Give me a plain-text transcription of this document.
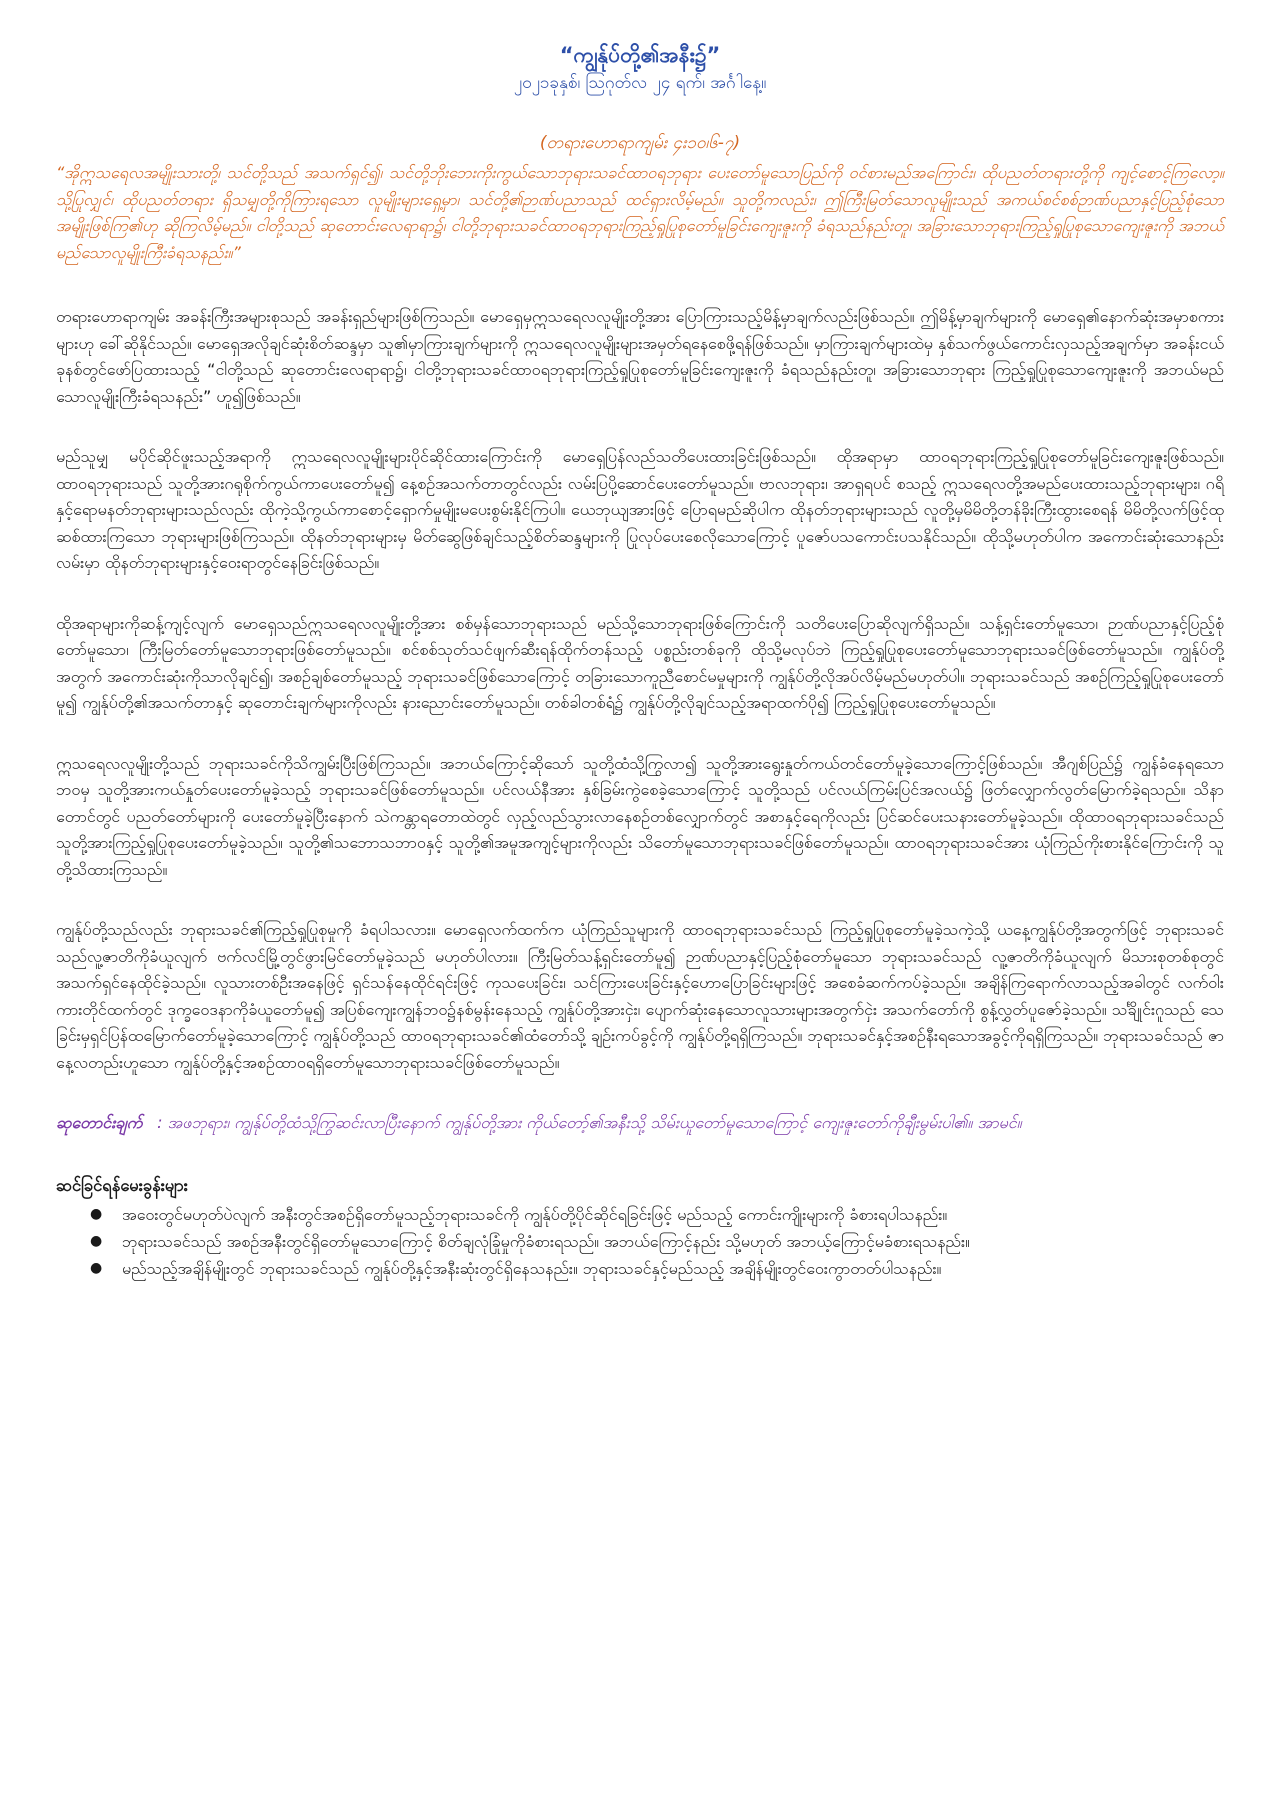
“ကျွန်ုပ်တို့၏အနီး၌”

၂၀၂၁ခုနှစ်၊ ဩဂုတ်လ ၂၄ ရက်၊ အင်္ဂါနေ့။

(တရားဟောရာကျမ်း ၄း၁၀၊၆-၇)

“အိုဣသရေလအမျိုးသားတို့၊ သင်တို့သည် အသက်ရှင်၍၊ သင်တို့ဘိုးဘေးကိုးကွယ်သောဘုရားသခင်ထာဝရဘုရား ပေးတော်မူသောပြည်ကို ဝင်စားမည်အကြောင်း၊ ထိုပညတ်တရားတို့ကို ကျင့်စောင့်ကြလော့။ သို့ပြုလျှင်၊ ထိုပညတ်တရား ရှိသမျှတို့ကိုကြားရသော လူမျိုးများရှေ့မှာ၊ သင်တို့၏ဉာဏ်ပညာသည် ထင်ရှားလိမ့်မည်။ သူတို့ကလည်း၊ ဤကြီးမြတ်သောလူမျိုးသည် အကယ်စင်စစ်ဉာဏ်ပညာနှင့်ပြည့်စုံသောအမျိုးဖြစ်ကြ၏ဟု ဆိုကြလိမ့်မည်။ ငါတို့သည် ဆုတောင်းလေရာရာ၌၊ ငါတို့ဘုရားသခင်ထာဝရဘုရားကြည့်ရှုပြုစုတော်မူခြင်းကျေးဇူးကို ခံရသည်နည်းတူ၊ အခြားသောဘုရားကြည့်ရှုပြုစုသောကျေးဇူးကို အဘယ်မည်သောလူမျိုးကြီးခံရသနည်း။”

တရားဟောရာကျမ်း အခန်းကြီးအများစုသည် အခန်းရှည်များဖြစ်ကြသည်။ မောရှေမှဣသရေလလူမျိုးတို့အား ပြောကြားသည့်မိန့်မှာချက်လည်းဖြစ်သည်။ ဤမိန့်မှာချက်များကို မောရှေ၏နောက်ဆုံးအမှာစကားများဟု ခေါ်ဆိုနိုင်သည်။ မောရှေအလိုချင်ဆုံးစိတ်ဆန္ဒမှာ သူ၏မှာကြားချက်များကို ဣသရေလလူမျိုးများအမှတ်ရနေစေဖို့ရန်ဖြစ်သည်။ မှာကြားချက်များထဲမှ နှစ်သက်ဖွယ်ကောင်းလှသည့်အချက်မှာ အခန်းငယ် ခုနစ်တွင်ဖော်ပြထားသည့် “ငါတို့သည် ဆုတောင်းလေရာရာ၌၊ ငါတို့ဘုရားသခင်ထာဝရဘုရားကြည့်ရှုပြုစုတော်မူခြင်းကျေးဇူးကို ခံရသည်နည်းတူ၊ အခြားသောဘုရား ကြည့်ရှုပြုစုသောကျေးဇူးကို အဘယ်မည်သောလူမျိုးကြီးခံရသနည်း” ဟူ၍ဖြစ်သည်။

မည်သူမျှ မပိုင်ဆိုင်ဖူးသည့်အရာကို ဣသရေလလူမျိုးများပိုင်ဆိုင်ထားကြောင်းကို မောရှေပြန်လည်သတိပေးထားခြင်းဖြစ်သည်။ ထိုအရာမှာ ထာဝရဘုရားကြည့်ရှုပြုစုတော်မူခြင်းကျေးဇူးဖြစ်သည်။ ထာဝရဘုရားသည် သူတို့အားဂရုစိုက်ကွယ်ကာပေးတော်မူ၍ နေ့စဉ်အသက်တာတွင်လည်း လမ်းပြပို့ဆောင်ပေးတော်မူသည်။ ဗာလဘုရား၊ အာရှရပင် စသည့် ဣသရေလတို့အမည်ပေးထားသည့်ဘုရားများ၊ ဂရိနှင့်ရောမနတ်ဘုရားများသည်လည်း ထိုကဲ့သို့ကွယ်ကာစောင့်ရှောက်မှုမျိုးမပေးစွမ်းနိုင်ကြပါ။ ယေဘုယျအားဖြင့် ပြောရမည်ဆိုပါက ထိုနတ်ဘုရားများသည် လူတို့မှမိမိတို့တန်ခိုးကြီးထွားစေရန် မိမိတို့လက်ဖြင့်ထုဆစ်ထားကြသော ဘုရားများဖြစ်ကြသည်။ ထိုနတ်ဘုရားများမှ မိတ်ဆွေဖြစ်ချင်သည့်စိတ်ဆန္ဒများကို ပြုလုပ်ပေးစေလိုသောကြောင့် ပူဇော်ပသကောင်းပသနိုင်သည်။ ထိုသို့မဟုတ်ပါက အကောင်းဆုံးသောနည်းလမ်းမှာ ထိုနတ်ဘုရားများနှင့်ဝေးရာတွင်နေခြင်းဖြစ်သည်။

ထိုအရာများကိုဆန့်ကျင့်လျက် မောရှေသည်ဣသရေလလူမျိုးတို့အား စစ်မှန်သောဘုရားသည် မည်သို့သောဘုရားဖြစ်ကြောင်းကို သတိပေးပြောဆိုလျက်ရှိသည်။ သန့်ရှင်းတော်မူသော၊ ဉာဏ်ပညာနှင့်ပြည့်စုံတော်မူသော၊ ကြီးမြတ်တော်မူသောဘုရားဖြစ်တော်မူသည်။ စင်စစ်သုတ်သင်ဖျက်ဆီးရန်ထိုက်တန်သည့် ပစ္စည်းတစ်ခုကို ထိုသို့မလုပ်ဘဲ ကြည့်ရှုပြုစုပေးတော်မူသောဘုရားသခင်ဖြစ်တော်မူသည်။ ကျွန်ုပ်တို့အတွက် အကောင်းဆုံးကိုသာလိုချင်၍၊ အစဉ်ချစ်တော်မူသည့် ဘုရားသခင်ဖြစ်သောကြောင့် တခြားသောကူညီစောင်မမှုများကို ကျွန်ုပ်တို့လိုအပ်လိမ့်မည်မဟုတ်ပါ။ ဘုရားသခင်သည် အစဉ်ကြည့်ရှုပြုစုပေးတော်မူ၍ ကျွန်ုပ်တို့၏အသက်တာနှင့် ဆုတောင်းချက်များကိုလည်း နားညောင်းတော်မူသည်။ တစ်ခါတစ်ရံ၌ ကျွန်ုပ်တို့လိုချင်သည့်အရာထက်ပို၍ ကြည့်ရှုပြုစုပေးတော်မူသည်။

ဣသရေလလူမျိုးတို့သည် ဘုရားသခင်ကိုသိကျွမ်းပြီးဖြစ်ကြသည်။ အဘယ်ကြောင့်ဆိုသော် သူတို့ထံသို့ကြွလာ၍ သူတို့အားရွေးနှုတ်ကယ်တင်တော်မူခဲ့သောကြောင့်ဖြစ်သည်။ အီဂျစ်ပြည်၌ ကျွန်ခံနေရသောဘဝမှ သူတို့အားကယ်နှုတ်ပေးတော်မူခဲ့သည့် ဘုရားသခင်ဖြစ်တော်မူသည်။ ပင်လယ်နီအား နှစ်ခြမ်းကွဲစေခဲ့သောကြောင့် သူတို့သည် ပင်လယ်ကြမ်းပြင်အလယ်၌ ဖြတ်လျှောက်လွတ်မြောက်ခဲ့ရသည်။ သိနာတောင်တွင် ပညတ်တော်များကို ပေးတော်မူခဲ့ပြီးနောက် သဲကန္တာရတောထဲတွင် လှည့်လည်သွားလာနေစဉ်တစ်လျှောက်တွင် အစာနှင့်ရေကိုလည်း ပြင်ဆင်ပေးသနားတော်မူခဲ့သည်။ ထိုထာဝရဘုရားသခင်သည် သူတို့အားကြည့်ရှုပြုစုပေးတော်မူခဲ့သည်။ သူတို့၏သဘောသဘာဝနှင့် သူတို့၏အမူအကျင့်များကိုလည်း သိတော်မူသောဘုရားသခင်ဖြစ်တော်မူသည်။ ထာဝရဘုရားသခင်အား ယုံကြည်ကိုးစားနိုင်ကြောင်းကို သူတို့သိထားကြသည်။

ကျွန်ုပ်တို့သည်လည်း ဘုရားသခင်၏ကြည့်ရှုပြုစုမှုကို ခံရပါသလား။ မောရှေလက်ထက်က ယုံကြည်သူများကို ထာဝရဘုရားသခင်သည် ကြည့်ရှုပြုစုတော်မူခဲ့သကဲ့သို့ ယနေ့ကျွန်ုပ်တို့အတွက်ဖြင့် ဘုရားသခင်သည်လူ့ဇာတိကိုခံယူလျက် ဗက်လင်မြို့တွင်ဖွားမြင်တော်မူခဲ့သည် မဟုတ်ပါလား။ ကြီးမြတ်သန့်ရှင်းတော်မူ၍ ဉာဏ်ပညာနှင့်ပြည့်စုံတော်မူသော ဘုရားသခင်သည် လူ့ဇာတိကိုခံယူလျက် မိသားစုတစ်စုတွင် အသက်ရှင်နေထိုင်ခဲ့သည်။ လူသားတစ်ဦးအနေဖြင့် ရှင်သန်နေထိုင်ရင်းဖြင့် ကုသပေးခြင်း၊ သင်ကြားပေးခြင်းနှင့်ဟောပြောခြင်းများဖြင့် အစေခံဆက်ကပ်ခဲ့သည်။ အချိန်ကြရောက်လာသည့်အခါတွင် လက်ဝါးကားတိုင်ထက်တွင် ဒုက္ခဝေဒနာကိုခံယူတော်မူ၍ အပြစ်ကျေးကျွန်ဘဝ၌နစ်မွန်းနေသည့် ကျွန်ုပ်တို့အားငှဲး၊ ပျောက်ဆုံးနေသောလူသားများအတွက်ငှဲး အသက်တော်ကို စွန့်လွှတ်ပူဇော်ခဲ့သည်။ သင်္ချိုင်းဂူသည် သေခြင်းမှရှင်ပြန်ထမြောက်တော်မူခဲ့သောကြောင့် ကျွန်ုပ်တို့သည် ထာဝရဘုရားသခင်၏ထံတော်သို့ ချဉ်းကပ်ခွင့်ကို ကျွန်ုပ်တို့ရရှိကြသည်။ ဘုရားသခင်နှင့်အစဉ်နီးရသောအခွင့်ကိုရရှိကြသည်။ ဘုရားသခင်သည် ဇာနေ့လတည်းဟူသော ကျွန်ုပ်တို့နှင့်အစဉ်ထာဝရရှိတော်မူသောဘုရားသခင်ဖြစ်တော်မူသည်။

ဆုတောင်းချက် : အဖဘုရား၊ ကျွန်ုပ်တို့ထံသို့ကြွဆင်းလာပြီးနောက် ကျွန်ုပ်တို့အား ကိုယ်တော့်၏အနီးသို့ သိမ်းယူတော်မူသောကြောင့် ကျေးဇူးတော်ကိုချီးမွမ်းပါ၏။ အာမင်။

ဆင်ခြင်ရန်မေးခွန်းများ
● အဝေးတွင်မဟုတ်ပဲလျက် အနီးတွင်အစဉ်ရှိတော်မူသည့်ဘုရားသခင်ကို ကျွန်ုပ်တို့ပိုင်ဆိုင်ရခြင်းဖြင့် မည်သည့် ကောင်းကျိုးများကို ခံစားရပါသနည်း။
● ဘုရားသခင်သည် အစဉ်အနီးတွင်ရှိတော်မူသောကြောင့် စိတ်ချလုံခြုံမှုကိုခံစားရသည်။ အဘယ်ကြောင့်နည်း သို့မဟုတ် အဘယ့်ကြောင့်မခံစားရသနည်း။
● မည်သည့်အချိန်မျိုးတွင် ဘုရားသခင်သည် ကျွန်ုပ်တို့နှင့်အနီးဆုံးတွင်ရှိနေသနည်း။ ဘုရားသခင်နှင့်မည်သည့် အချိန်မျိုးတွင်ဝေးကွာတတ်ပါသနည်း။
